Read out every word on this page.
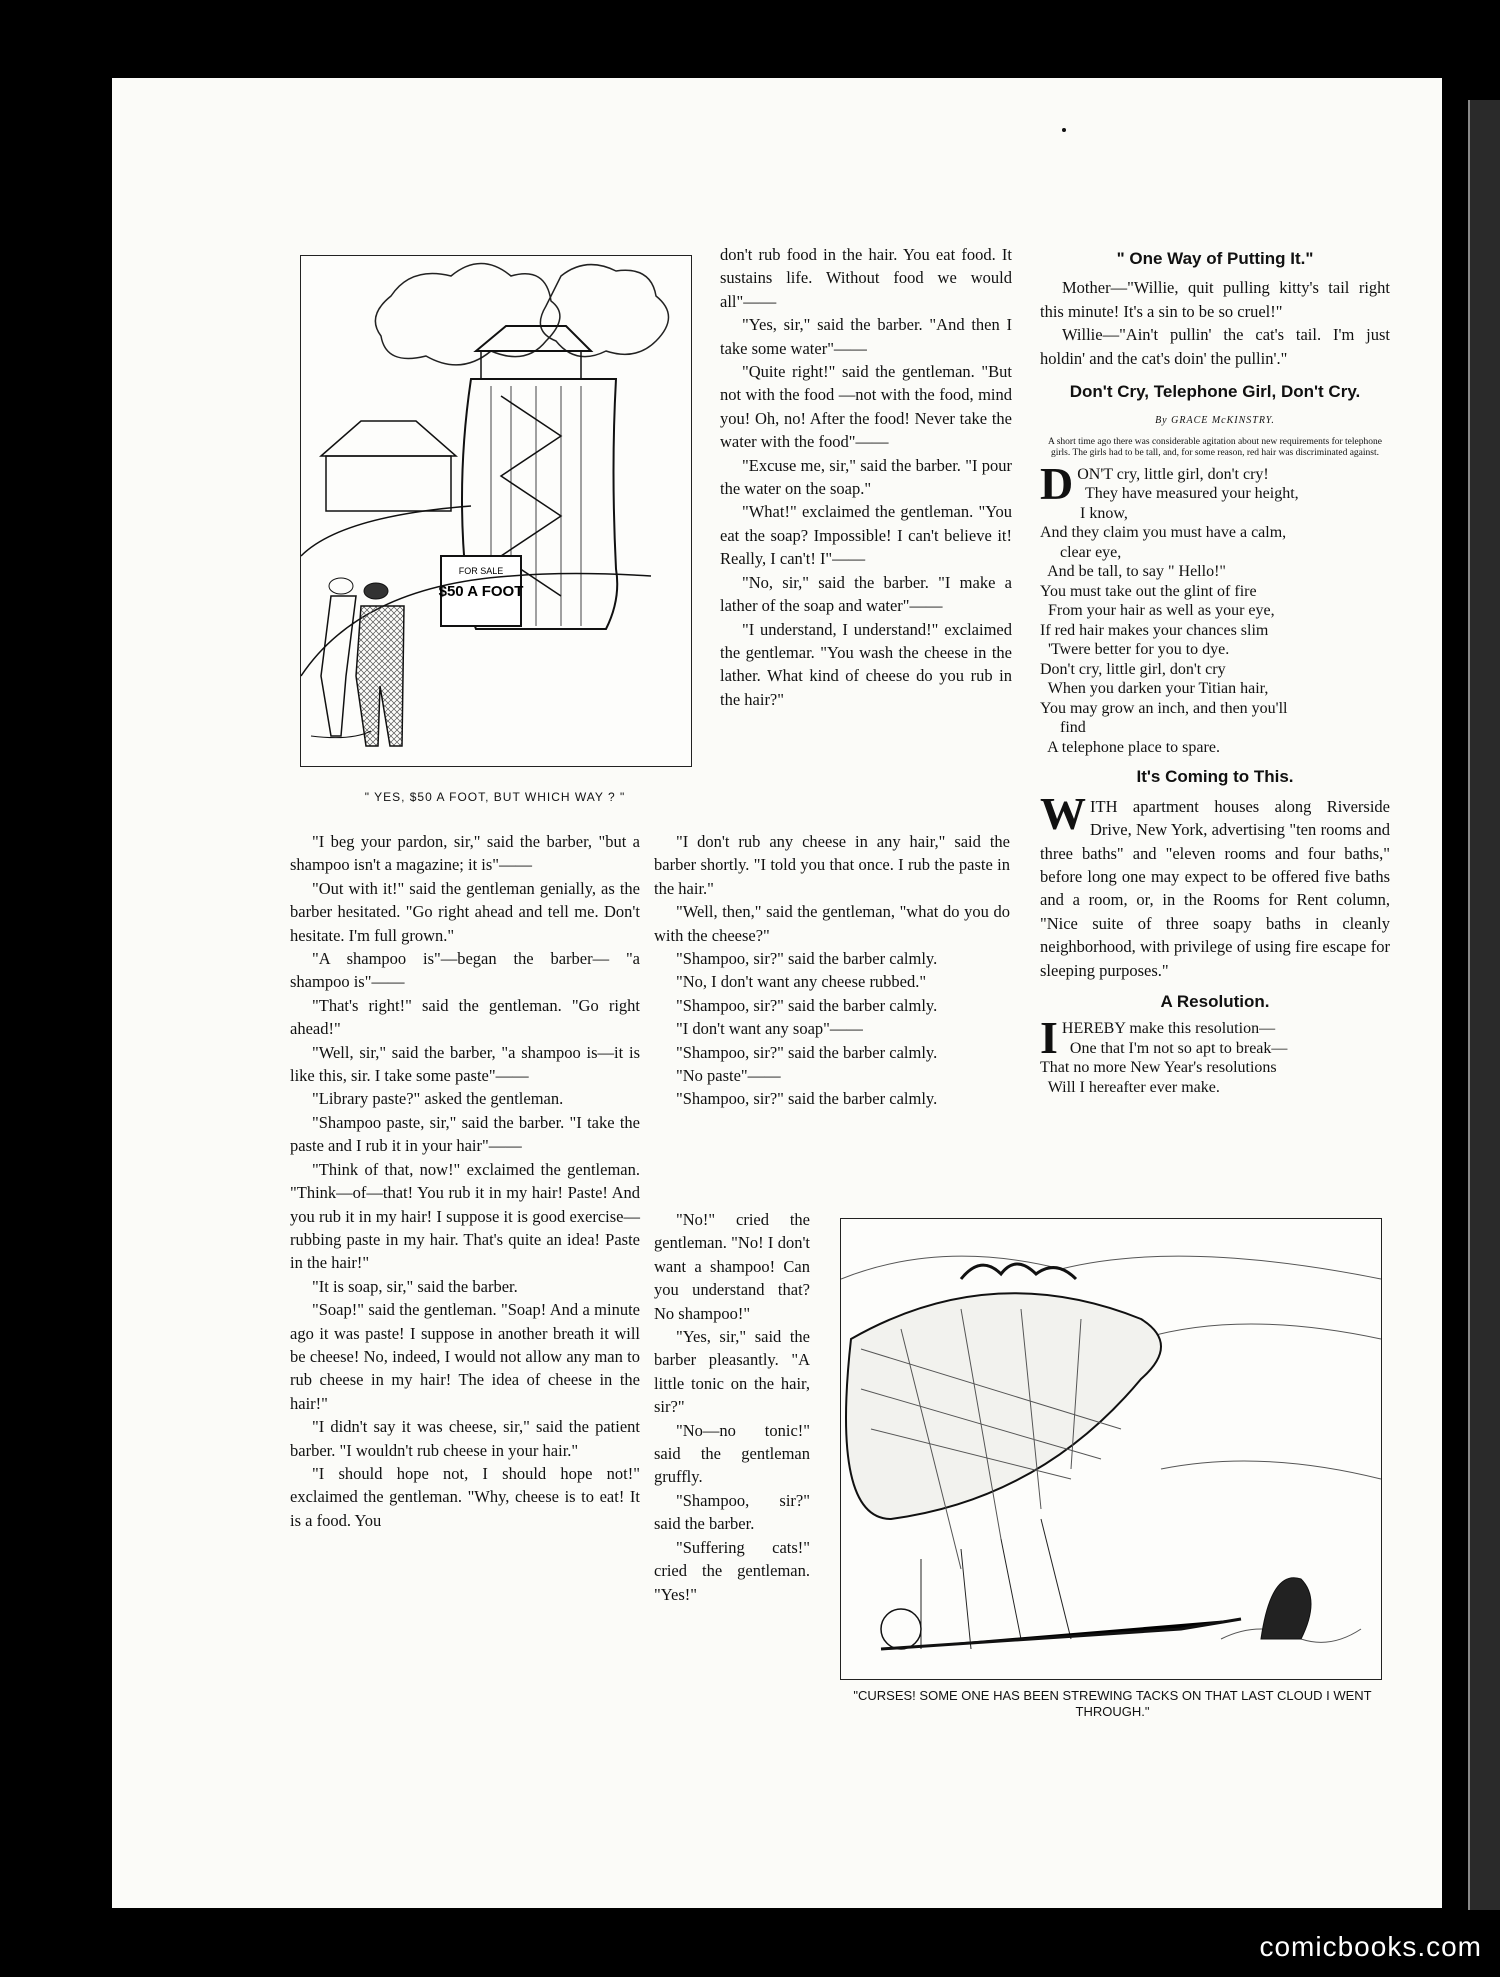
FOR SALE
$50 A FOOT
" YES, $50 A FOOT, BUT WHICH WAY ? "

don't rub food in the hair. You eat food. It sustains life. Without food we would all"——

"Yes, sir," said the barber. "And then I take some water"——

"Quite right!" said the gentleman. "But not with the food —not with the food, mind you! Oh, no! After the food! Never take the water with the food"——

"Excuse me, sir," said the barber. "I pour the water on the soap."

"What!" exclaimed the gentleman. "You eat the soap? Impossible! I can't believe it! Really, I can't! I"——

"No, sir," said the barber. "I make a lather of the soap and water"——

"I understand, I understand!" exclaimed the gentlemar. "You wash the cheese in the lather. What kind of cheese do you rub in the hair?"

"I beg your pardon, sir," said the barber, "but a shampoo isn't a magazine; it is"——

"Out with it!" said the gentleman genially, as the barber hesitated. "Go right ahead and tell me. Don't hesitate. I'm full grown."

"A shampoo is"—began the barber— "a shampoo is"——

"That's right!" said the gentleman. "Go right ahead!"

"Well, sir," said the barber, "a shampoo is—it is like this, sir. I take some paste"——

"Library paste?" asked the gentleman.

"Shampoo paste, sir," said the barber. "I take the paste and I rub it in your hair"——

"Think of that, now!" exclaimed the gentleman. "Think—of—that! You rub it in my hair! Paste! And you rub it in my hair! I suppose it is good exercise—rubbing paste in my hair. That's quite an idea! Paste in the hair!"

"It is soap, sir," said the barber.

"Soap!" said the gentleman. "Soap! And a minute ago it was paste! I suppose in another breath it will be cheese! No, indeed, I would not allow any man to rub cheese in my hair! The idea of cheese in the hair!"

"I didn't say it was cheese, sir," said the patient barber. "I wouldn't rub cheese in your hair."

"I should hope not, I should hope not!" exclaimed the gentleman. "Why, cheese is to eat! It is a food. You

"I don't rub any cheese in any hair," said the barber shortly. "I told you that once. I rub the paste in the hair."

"Well, then," said the gentleman, "what do you do with the cheese?"

"Shampoo, sir?" said the barber calmly.

"No, I don't want any cheese rubbed."

"Shampoo, sir?" said the barber calmly.

"I don't want any soap"——

"Shampoo, sir?" said the barber calmly.

"No paste"——

"Shampoo, sir?" said the barber calmly.

"No!" cried the gentleman. "No! I don't want a shampoo! Can you understand that? No shampoo!"

"Yes, sir," said the barber pleasantly. "A little tonic on the hair, sir?"

"No—no tonic!" said the gentleman gruffly.

"Shampoo, sir?" said the barber.

"Suffering cats!" cried the gentleman. "Yes!"

" One Way of Putting It."

Mother—"Willie, quit pulling kitty's tail right this minute! It's a sin to be so cruel!"

Willie—"Ain't pullin' the cat's tail. I'm just holdin' and the cat's doin' the pullin'."

Don't Cry, Telephone Girl, Don't Cry.
By GRACE McKINSTRY.
A short time ago there was considerable agitation about new requirements for telephone girls. The girls had to be tall, and, for some reason, red hair was discriminated against.
D ON'T cry, little girl, don't cry!
They have measured your height,
I know,
And they claim you must have a calm,
clear eye,
And be tall, to say " Hello!"
You must take out the glint of fire
From your hair as well as your eye,
If red hair makes your chances slim
'Twere better for you to dye.
Don't cry, little girl, don't cry
When you darken your Titian hair,
You may grow an inch, and then you'll
find
A telephone place to spare.
It's Coming to This.

WITH apartment houses along Riverside Drive, New York, advertising "ten rooms and three baths" and "eleven rooms and four baths," before long one may expect to be offered five baths and a room, or, in the Rooms for Rent column, "Nice suite of three soapy baths in cleanly neighborhood, with privilege of using fire escape for sleeping purposes."

A Resolution.
I HEREBY make this resolution—
One that I'm not so apt to break—
That no more New Year's resolutions
Will I hereafter ever make.
"CURSES! SOME ONE HAS BEEN STREWING TACKS ON THAT LAST CLOUD I WENT THROUGH."
comicbooks.com
